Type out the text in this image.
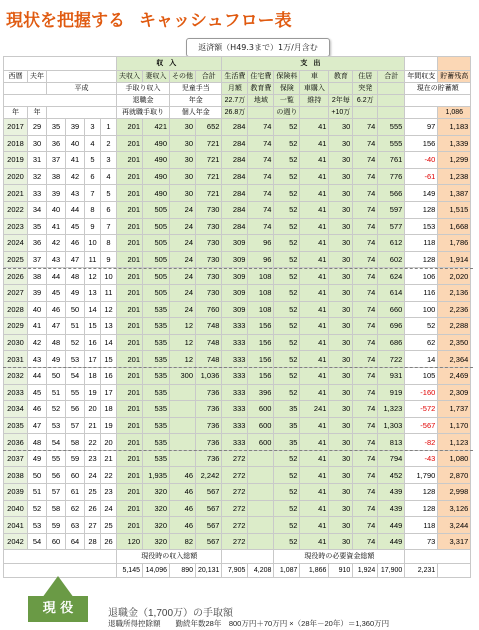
現状を把握する キャッシュフロー表
返済額（H49.3まで）1万/月含む
						収入				支出								
西暦	夫年					夫収入	妻収入	その他	合計	生活費	住宅費	保険料	車	教育	住居	合計	年間収支	貯蓄残高
		平成				手取り収入		児童手当		月額	教育費	保険	車購入		突発		現在の貯蓄額	
						退職金		年金		22.7万	地域	一覧	維持	2年毎	6.2万			
年	年					再就職手取り		個人年金		26.8万		の週り		+10万				1,086
2017	29	35	39	3	1	201	421	30	652	284	74	52	41	30	74	555	97	1,183
2018	30	36	40	4	2	201	490	30	721	284	74	52	41	30	74	555	156	1,339
2019	31	37	41	5	3	201	490	30	721	284	74	52	41	30	74	761	-40	1,299
2020	32	38	42	6	4	201	490	30	721	284	74	52	41	30	74	776	-61	1,238
2021	33	39	43	7	5	201	490	30	721	284	74	52	41	30	74	566	149	1,387
2022	34	40	44	8	6	201	505	24	730	284	74	52	41	30	74	597	128	1,515
2023	35	41	45	9	7	201	505	24	730	284	74	52	41	30	74	577	153	1,668
2024	36	42	46	10	8	201	505	24	730	309	96	52	41	30	74	612	118	1,786
2025	37	43	47	11	9	201	505	24	730	309	96	52	41	30	74	602	128	1,914
2026	38	44	48	12	10	201	505	24	730	309	108	52	41	30	74	624	106	2,020
2027	39	45	49	13	11	201	505	24	730	309	108	52	41	30	74	614	116	2,136
2028	40	46	50	14	12	201	535	24	760	309	108	52	41	30	74	660	100	2,236
2029	41	47	51	15	13	201	535	12	748	333	156	52	41	30	74	696	52	2,288
2030	42	48	52	16	14	201	535	12	748	333	156	52	41	30	74	686	62	2,350
2031	43	49	53	17	15	201	535	12	748	333	156	52	41	30	74	722	14	2,364
2032	44	50	54	18	16	201	535	300	1,036	333	156	52	41	30	74	931	105	2,469
2033	45	51	55	19	17	201	535		736	333	396	52	41	30	74	919	-160	2,309
2034	46	52	56	20	18	201	535		736	333	600	35	241	30	74	1,323	-572	1,737
2035	47	53	57	21	19	201	535		736	333	600	35	41	30	74	1,303	-567	1,170
2036	48	54	58	22	20	201	535		736	333	600	35	41	30	74	813	-82	1,123
2037	49	55	59	23	21	201	535		736	272		52	41	30	74	794	-43	1,080
2038	50	56	60	24	22	201	1,935	46	2,242	272		52	41	30	74	452	1,790	2,870
2039	51	57	61	25	23	201	320	46	567	272		52	41	30	74	439	128	2,998
2040	52	58	62	26	24	201	320	46	567	272		52	41	30	74	439	128	3,126
2041	53	59	63	27	25	201	320	46	567	272		52	41	30	74	449	118	3,244
2042	54	60	64	28	26	120	320	82	567	272		52	41	30	74	449	73	3,317
						現役時の収入総額						現役時の必要資金総額						
						5,145	14,096	890	20,131	7,905	4,208	1,087	1,866	910	1,924	17,900	2,231	
現 役	退職金（1,700万）の手取額
退職所得控除額　　勤続年数28年　800万円＋70万円 ×（28年－20年）＝1,360万円
